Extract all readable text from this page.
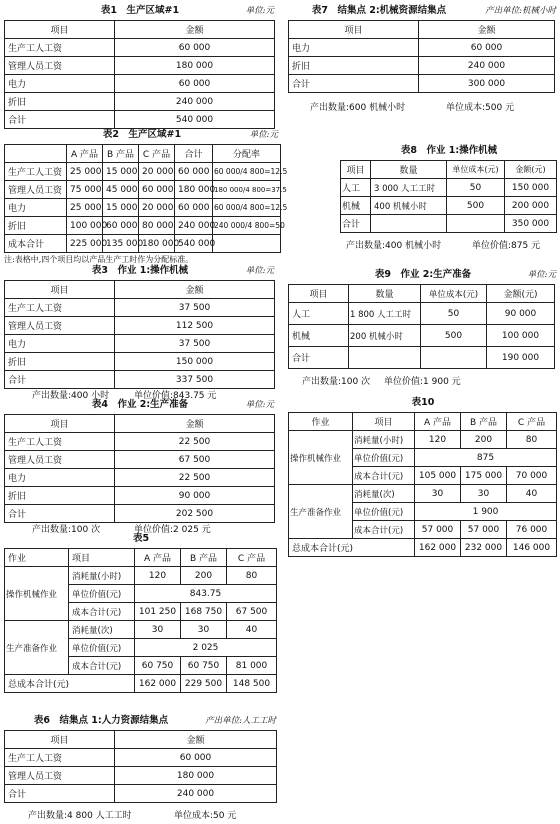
表1　生产区域#1	单位:元
项目	金额
生产工人工资	60 000
管理人员工资	180 000
电力	60 000
折旧	240 000
合计	540 000
表2　生产区域#1	单位:元
	A 产品	B 产品	C 产品	合计	分配率
生产工人工资	25 000	15 000	20 000	60 000	60 000/4 800=12.5
管理人员工资	75 000	45 000	60 000	180 000	180 000/4 800=37.5
电力	25 000	15 000	20 000	60 000	60 000/4 800=12.5
折旧	100 000	60 000	80 000	240 000	240 000/4 800=50
成本合计	225 000	135 000	180 000	540 000	
注:表格中,四个项目均以产品生产工时作为分配标准。
表3　作业 1:操作机械	单位:元
项目	金额
生产工人工资	37 500
管理人员工资	112 500
电力	37 500
折旧	150 000
合计	337 500
产出数量:400 小时	单位价值:843.75 元
表4　作业 2:生产准备	单位:元
项目	金额
生产工人工资	22 500
管理人员工资	67 500
电力	22 500
折旧	90 000
合计	202 500
产出数量:100 次	单位价值:2 025 元
表5
作业	项目	A 产品	B 产品	C 产品
操作机械作业	消耗量(小时)	120	200	80
	单位价值(元)	843.75		
	成本合计(元)	101 250	168 750	67 500
生产准备作业	消耗量(次)	30	30	40
	单位价值(元)	2 025		
	成本合计(元)	60 750	60 750	81 000
总成本合计(元)		162 000	229 500	148 500
表6　结集点 1:人力资源结集点	产出单位:人工工时
项目	金额
生产工人工资	60 000
管理人员工资	180 000
合计	240 000
产出数量:4 800 人工工时	单位成本:50 元
表7　结集点 2:机械资源结集点	产出单位:机械小时
项目	金额
电力	60 000
折旧	240 000
合计	300 000
产出数量:600 机械小时	单位成本:500 元
表8　作业 1:操作机械
项目	数量	单位成本(元)	金额(元)
人工	3 000 人工工时	50	150 000
机械	400 机械小时	500	200 000
合计			350 000
产出数量:400 机械小时	单位价值:875 元
表9　作业 2:生产准备	单位:元
项目	数量	单位成本(元)	金额(元)
人工	1 800 人工工时	50	90 000
机械	200 机械小时	500	100 000
合计			190 000
产出数量:100 次 单位价值:1 900 元
表10
作业	项目	A 产品	B 产品	C 产品
操作机械作业	消耗量(小时)	120	200	80
	单位价值(元)	875		
	成本合计(元)	105 000	175 000	70 000
生产准备作业	消耗量(次)	30	30	40
	单位价值(元)	1 900		
	成本合计(元)	57 000	57 000	76 000
总成本合计(元)		162 000	232 000	146 000
